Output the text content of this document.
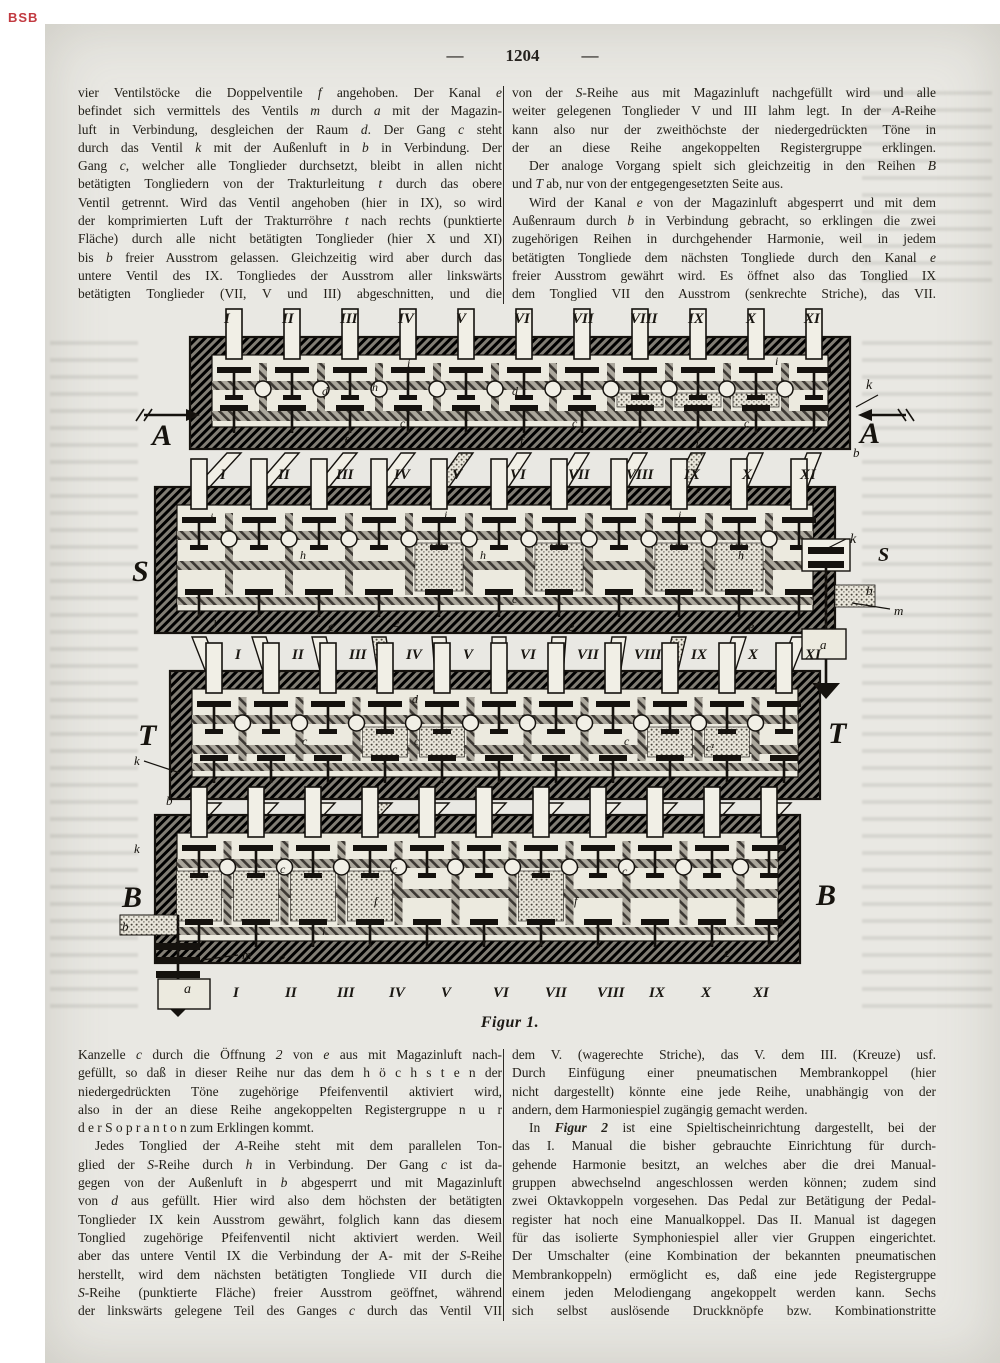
BSB
— 1204 —
vier Ventilstöcke die Doppelventile f angehoben. Der Kanal e
befindet sich vermittels des Ventils m durch a mit der Magazin-
luft in Verbindung, desgleichen der Raum d. Der Gang c steht
durch das Ventil k mit der Außenluft in b in Verbindung. Der
Gang c, welcher alle Tonglieder durchsetzt, bleibt in allen nicht
betätigten Tongliedern von der Trakturleitung t durch das obere
Ventil getrennt. Wird das Ventil angehoben (hier in IX), so wird
der komprimierten Luft der Trakturröhre t nach rechts (punktierte
Fläche) durch alle nicht betätigten Tonglieder (hier X und XI)
bis b freier Ausstrom gelassen. Gleichzeitig wird aber durch das
untere Ventil des IX. Tongliedes der Ausstrom aller linkswärts
betätigten Tonglieder (VII, V und III) abgeschnitten, und die
von der S-Reihe aus mit Magazinluft nachgefüllt wird und alle
weiter gelegenen Tonglieder V und III lahm legt. In der A-Reihe
kann also nur der zweithöchste der niedergedrückten Töne in
der an diese Reihe angekoppelten Registergruppe erklingen.
Der analoge Vorgang spielt sich gleichzeitig in den Reihen B
und T ab, nur von der entgegengesetzten Seite aus.
Wird der Kanal e von der Magazinluft abgesperrt und mit dem
Außenraum durch b in Verbindung gebracht, so erklingen die zwei
zugehörigen Reihen in durchgehender Harmonie, weil in jedem
betätigten Tongliede dem nächsten Tongliede durch den Kanal e
freier Ausstrom gewährt wird. Es öffnet also das Tonglied IX
dem Tonglied VII den Ausstrom (senkrechte Striche), das VII.
Kanzelle c durch die Öffnung 2 von e aus mit Magazinluft nach-
gefüllt, so daß in dieser Reihe nur das dem h ö c h s t e n der
niedergedrückten Töne zugehörige Pfeifenventil aktiviert wird,
also in der an diese Reihe angekoppelten Registergruppe n u r
d e r S o p r a n t o n zum Erklingen kommt.
Jedes Tonglied der A-Reihe steht mit dem parallelen Ton-
glied der S-Reihe durch h in Verbindung. Der Gang c ist da-
gegen von der Außenluft in b abgesperrt und mit Magazinluft
von d aus gefüllt. Hier wird also dem höchsten der betätigten
Tonglieder IX kein Ausstrom gewährt, folglich kann das diesem
Tonglied zugehörige Pfeifenventil nicht aktiviert werden. Weil
aber das untere Ventil IX die Verbindung der A- mit der S-Reihe
herstellt, wird dem nächsten betätigten Tongliede VII durch die
S-Reihe (punktierte Fläche) freier Ausstrom geöffnet, während
der linkswärts gelegene Teil des Ganges c durch das Ventil VII
dem V. (wagerechte Striche), das V. dem III. (Kreuze) usf.
Durch Einfügung einer pneumatischen Membrankoppel (hier
nicht dargestellt) könnte eine jede Reihe, unabhängig von der
andern, dem Harmoniespiel zugängig gemacht werden.
In Figur 2 ist eine Spieltischeinrichtung dargestellt, bei der
das I. Manual die bisher gebrauchte Einrichtung für durch-
gehende Harmonie besitzt, an welches aber die drei Manual-
gruppen abwechselnd angeschlossen werden können; zudem sind
zwei Oktavkoppeln vorgesehen. Das Pedal zur Betätigung der Pedal-
register hat noch eine Manualkoppel. Das II. Manual ist dagegen
für das isolierte Symphoniespiel aller vier Gruppen eingerichtet.
Der Umschalter (eine Kombination der bekannten pneumatischen
Membrankoppeln) ermöglicht es, daß eine jede Registergruppe
einem jeden Melodiengang angekoppelt werden kann. Sechs
sich selbst auslösende Druckknöpfe bzw. Kombinationstritte
I	II	III	IV	V	VI	VII VIII IX	X	XI
I	II	III	IV	V	VI	VII VIII IX	X	XI
I	II	III	IV	V	VI	VII VIII IX	X	XI
I	II	III IV V	VI VII VIII IX X	XI
A	A
k
b
i	i
d	d
h
c	c	c
f	f	f
S
i	i	i
h	h	h
c	c
e	e	e
1	2
k
S
b
m
a
T	T
k
b
d
c	c	c	c¹
B	B
k
b
c	c	c
f	f
i	i
m e	e
a
Figur 1.
